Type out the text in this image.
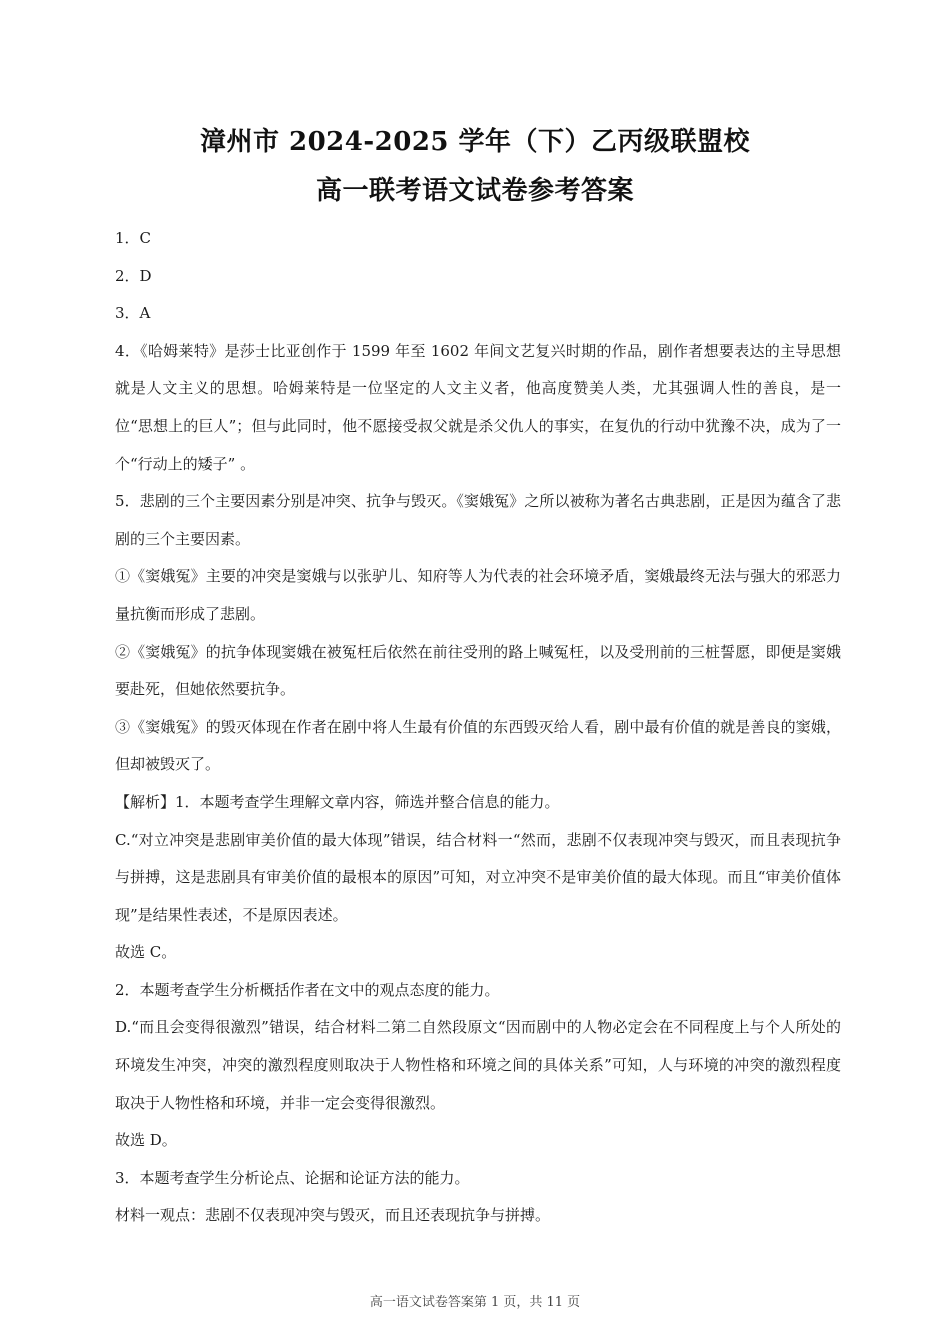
漳州市 2024-2025 学年（下）乙丙级联盟校
高一联考语文试卷参考答案

1．C

2．D

3．A

4．《哈姆莱特》是莎士比亚创作于 1599 年至 1602 年间文艺复兴时期的作品，剧作者想要表达的主导思想就是人文主义的思想。哈姆莱特是一位坚定的人文主义者，他高度赞美人类，尤其强调人性的善良，是一位“思想上的巨人”；但与此同时，他不愿接受叔父就是杀父仇人的事实，在复仇的行动中犹豫不决，成为了一个“行动上的矮子” 。

5．悲剧的三个主要因素分别是冲突、抗争与毁灭。《窦娥冤》之所以被称为著名古典悲剧，正是因为蕴含了悲剧的三个主要因素。

①《窦娥冤》主要的冲突是窦娥与以张驴儿、知府等人为代表的社会环境矛盾，窦娥最终无法与强大的邪恶力量抗衡而形成了悲剧。

②《窦娥冤》的抗争体现窦娥在被冤枉后依然在前往受刑的路上喊冤枉，以及受刑前的三桩誓愿，即便是窦娥要赴死，但她依然要抗争。

③《窦娥冤》的毁灭体现在作者在剧中将人生最有价值的东西毁灭给人看，剧中最有价值的就是善良的窦娥，但却被毁灭了。

【解析】1．本题考查学生理解文章内容，筛选并整合信息的能力。

C.“对立冲突是悲剧审美价值的最大体现”错误，结合材料一“然而，悲剧不仅表现冲突与毁灭，而且表现抗争与拼搏，这是悲剧具有审美价值的最根本的原因”可知，对立冲突不是审美价值的最大体现。而且“审美价值体现”是结果性表述，不是原因表述。

故选 C。

2．本题考查学生分析概括作者在文中的观点态度的能力。

D.“而且会变得很激烈”错误，结合材料二第二自然段原文“因而剧中的人物必定会在不同程度上与个人所处的环境发生冲突，冲突的激烈程度则取决于人物性格和环境之间的具体关系”可知，人与环境的冲突的激烈程度取决于人物性格和环境，并非一定会变得很激烈。

故选 D。

3．本题考查学生分析论点、论据和论证方法的能力。

材料一观点：悲剧不仅表现冲突与毁灭，而且还表现抗争与拼搏。

高一语文试卷答案第 1 页，共 11 页
